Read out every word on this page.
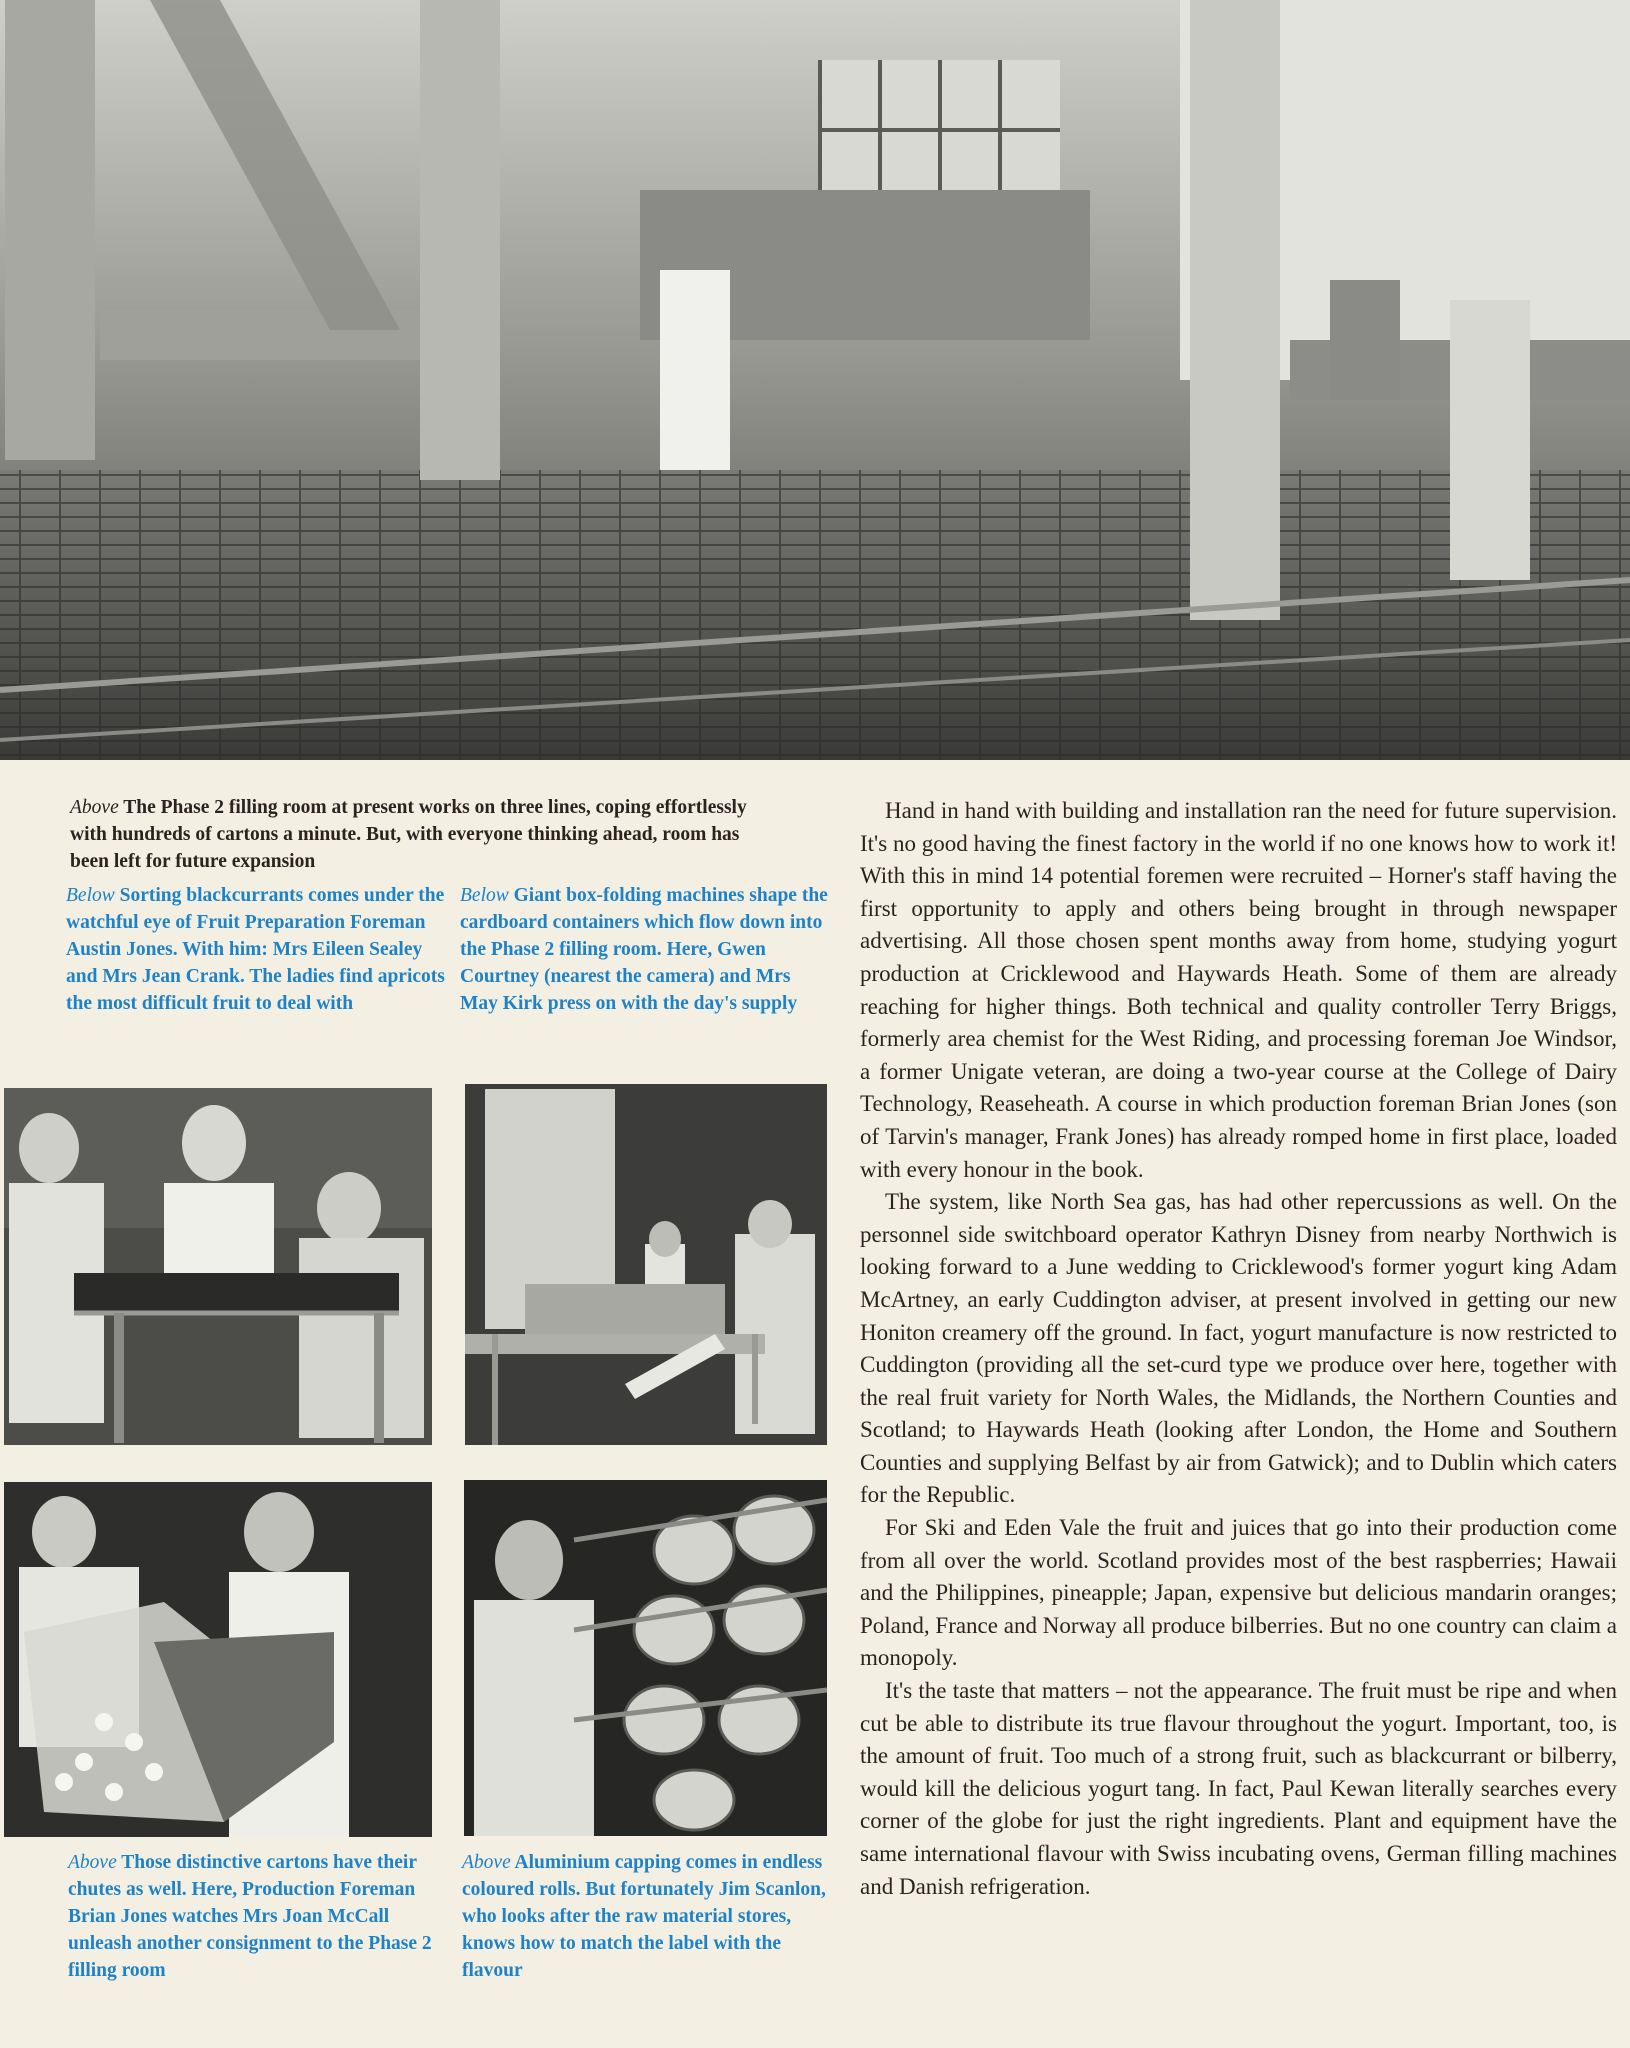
Above The Phase 2 filling room at present works on three lines, coping effortlessly with hundreds of cartons a minute. But, with everyone thinking ahead, room has been left for future expansion
Below Sorting blackcurrants comes under the watchful eye of Fruit Preparation Foreman Austin Jones. With him: Mrs Eileen Sealey and Mrs Jean Crank. The ladies find apricots the most difficult fruit to deal with
Below Giant box-folding machines shape the cardboard containers which flow down into the Phase 2 filling room. Here, Gwen Courtney (nearest the camera) and Mrs May Kirk press on with the day's supply
Above Those distinctive cartons have their chutes as well. Here, Production Foreman Brian Jones watches Mrs Joan McCall unleash another consignment to the Phase 2 filling room
Above Aluminium capping comes in endless coloured rolls. But fortunately Jim Scanlon, who looks after the raw material stores, knows how to match the label with the flavour

Hand in hand with building and installation ran the need for future supervision. It's no good having the finest factory in the world if no one knows how to work it! With this in mind 14 potential foremen were recruited – Horner's staff having the first opportunity to apply and others being brought in through newspaper advertising. All those chosen spent months away from home, studying yogurt production at Cricklewood and Haywards Heath. Some of them are already reaching for higher things. Both technical and quality controller Terry Briggs, formerly area chemist for the West Riding, and processing foreman Joe Windsor, a former Unigate veteran, are doing a two-year course at the College of Dairy Technology, Reaseheath. A course in which production foreman Brian Jones (son of Tarvin's manager, Frank Jones) has already romped home in first place, loaded with every honour in the book.

The system, like North Sea gas, has had other repercussions as well. On the personnel side switchboard operator Kathryn Disney from nearby Northwich is looking forward to a June wedding to Cricklewood's former yogurt king Adam McArtney, an early Cuddington adviser, at present involved in getting our new Honiton creamery off the ground. In fact, yogurt manufacture is now restricted to Cuddington (providing all the set-curd type we produce over here, together with the real fruit variety for North Wales, the Midlands, the Northern Counties and Scotland; to Haywards Heath (looking after London, the Home and Southern Counties and supplying Belfast by air from Gatwick); and to Dublin which caters for the Republic.

For Ski and Eden Vale the fruit and juices that go into their production come from all over the world. Scotland provides most of the best raspberries; Hawaii and the Philippines, pineapple; Japan, expensive but delicious mandarin oranges; Poland, France and Norway all produce bilberries. But no one country can claim a monopoly.

It's the taste that matters – not the appearance. The fruit must be ripe and when cut be able to distribute its true flavour throughout the yogurt. Important, too, is the amount of fruit. Too much of a strong fruit, such as blackcurrant or bilberry, would kill the delicious yogurt tang. In fact, Paul Kewan literally searches every corner of the globe for just the right ingredients. Plant and equipment have the same international flavour with Swiss incubating ovens, German filling machines and Danish refrigeration.
